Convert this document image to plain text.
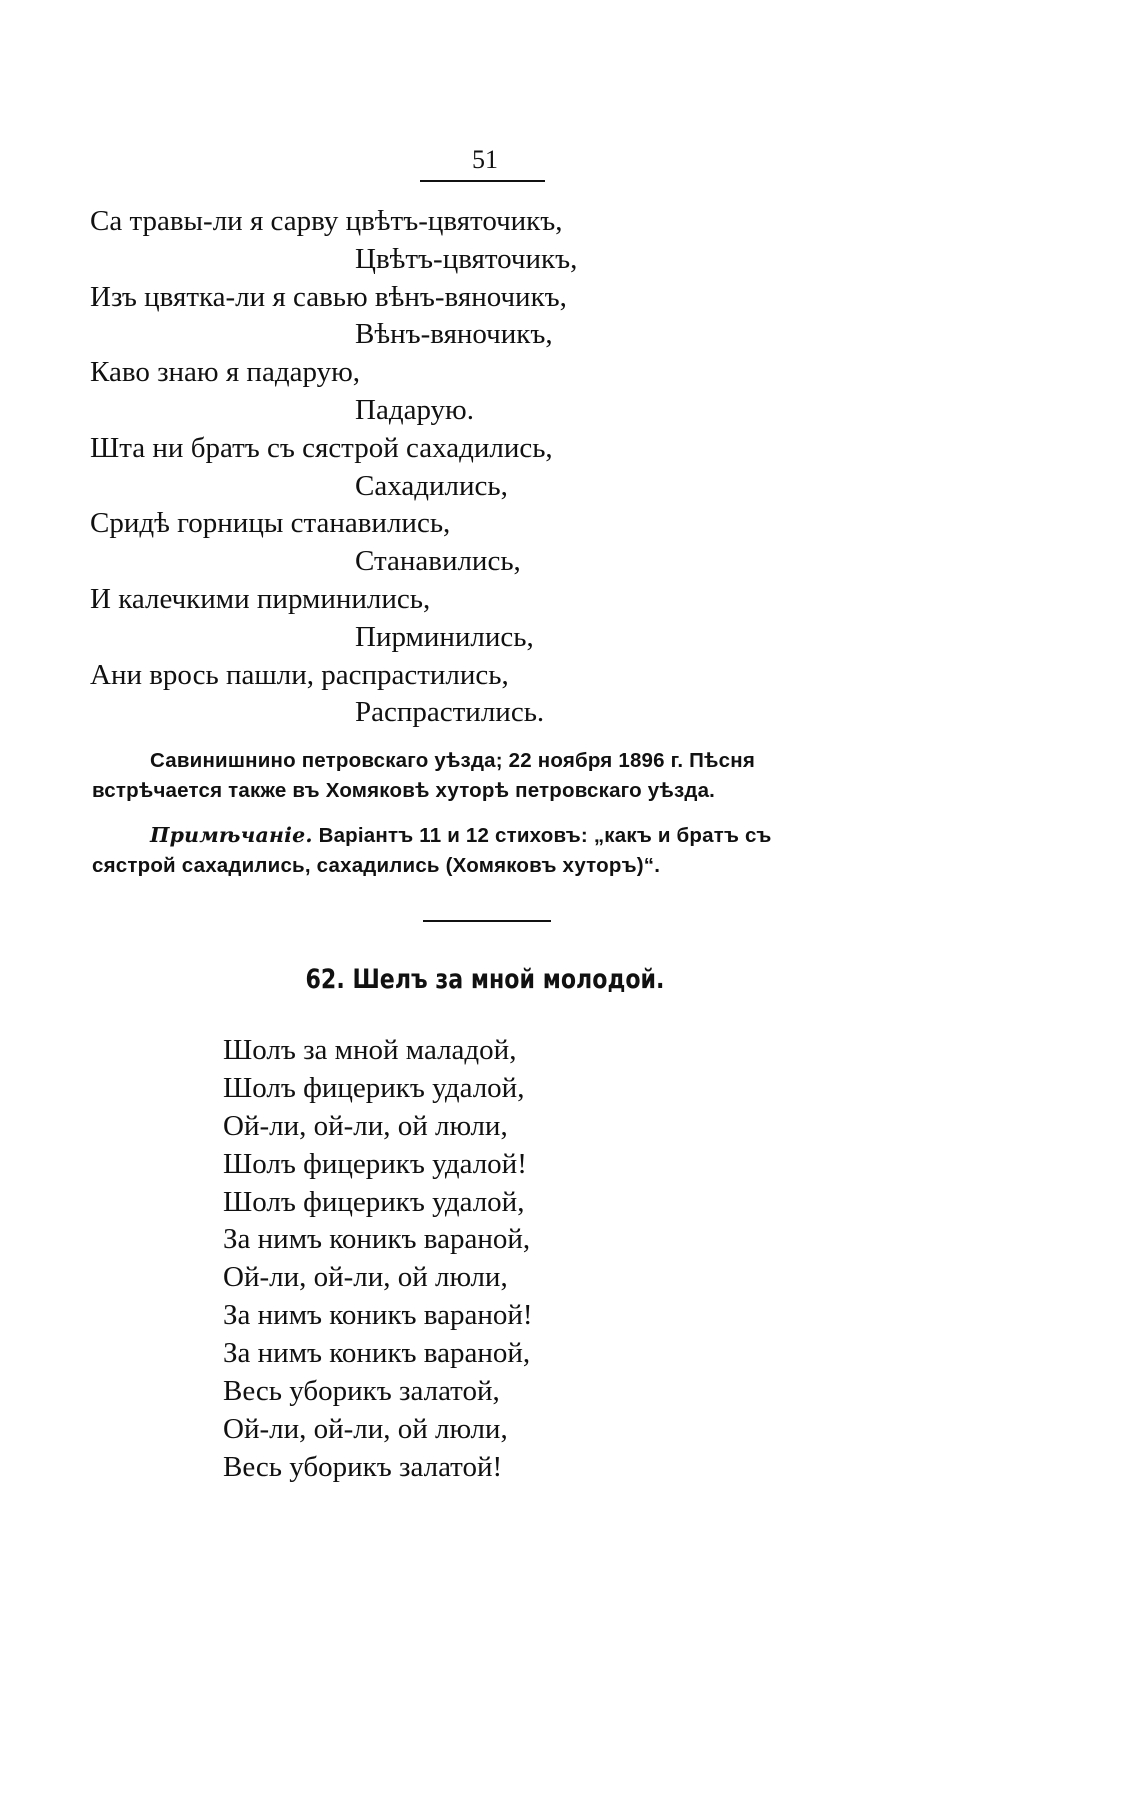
51
Са травы-ли я сарву цвѣтъ-цвяточикъ,
Цвѣтъ-цвяточикъ,
Изъ цвятка-ли я савью вѣнъ-вяночикъ,
Вѣнъ-вяночикъ,
Каво знаю я падарую,
Падарую.
Шта ни братъ съ сястрой сахадились,
Сахадились,
Сридѣ горницы станавились,
Станавились,
И калечкими пирминились,
Пирминились,
Ани врось пашли, распрастились,
Распрастились.
Савинишнино петровскаго уѣзда; 22 ноября 1896 г. Пѣсня
встрѣчается также въ Хомяковѣ хуторѣ петровскаго уѣзда.
Примѣчаніе. Варіантъ 11 и 12 стиховъ: „какъ и братъ съ
сястрой сахадились, сахадились (Хомяковъ хуторъ)“.
62. Шелъ за мной молодой.
Шолъ за мной маладой,
Шолъ фицерикъ удалой,
Ой-ли, ой-ли, ой люли,
Шолъ фицерикъ удалой!
Шолъ фицерикъ удалой,
За нимъ коникъ вараной,
Ой-ли, ой-ли, ой люли,
За нимъ коникъ вараной!
За нимъ коникъ вараной,
Весь уборикъ залатой,
Ой-ли, ой-ли, ой люли,
Весь уборикъ залатой!
